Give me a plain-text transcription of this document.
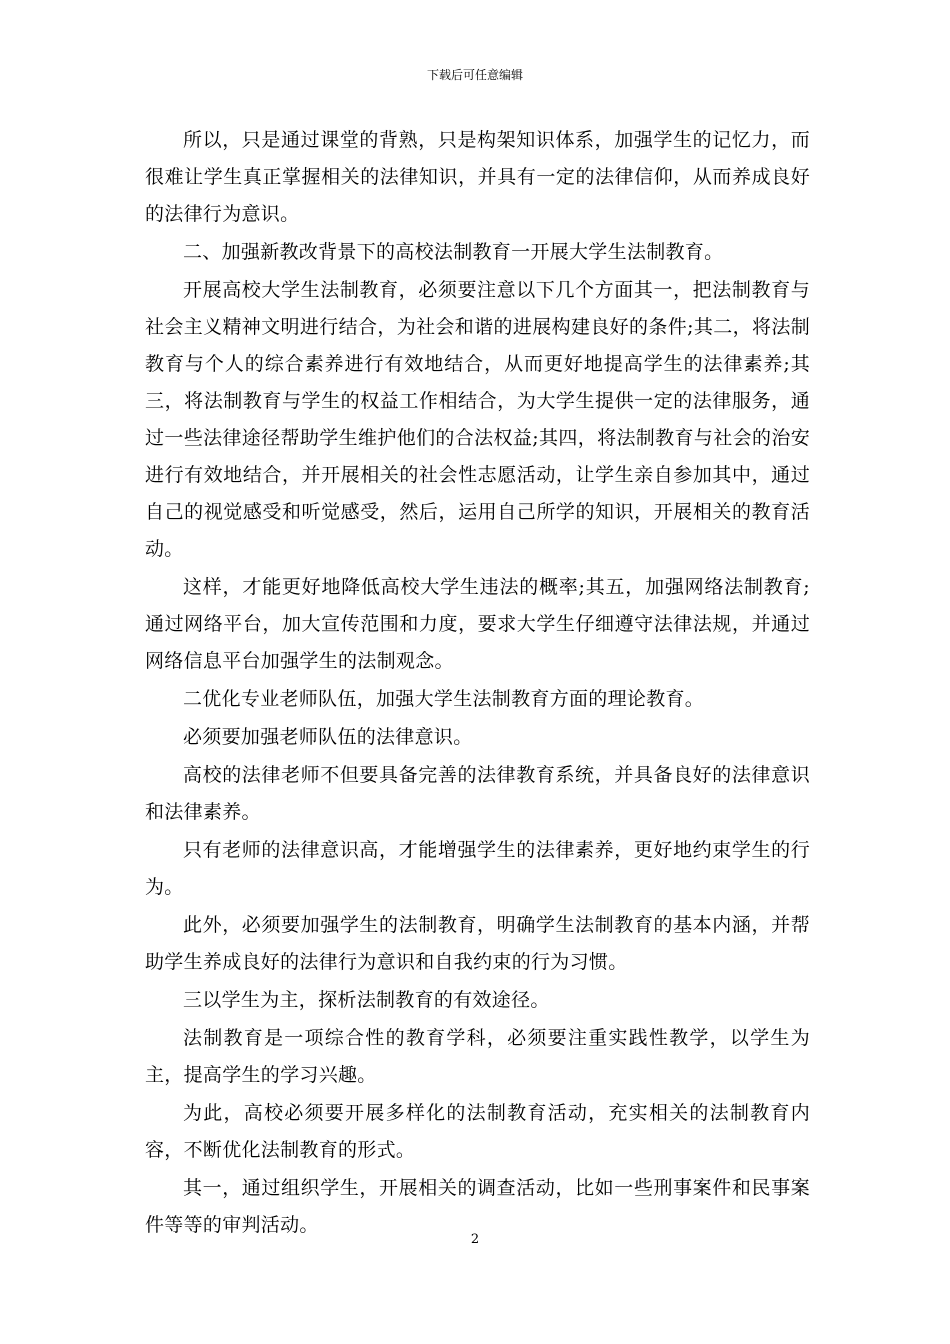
下载后可任意编辑

所以，只是通过课堂的背熟，只是构架知识体系，加强学生的记忆力，而很难让学生真正掌握相关的法律知识，并具有一定的法律信仰，从而养成良好的法律行为意识。

二、加强新教改背景下的高校法制教育一开展大学生法制教育。

开展高校大学生法制教育，必须要注意以下几个方面其一，把法制教育与社会主义精神文明进行结合，为社会和谐的进展构建良好的条件;其二，将法制教育与个人的综合素养进行有效地结合，从而更好地提高学生的法律素养;其三，将法制教育与学生的权益工作相结合，为大学生提供一定的法律服务，通过一些法律途径帮助学生维护他们的合法权益;其四，将法制教育与社会的治安进行有效地结合，并开展相关的社会性志愿活动，让学生亲自参加其中，通过自己的视觉感受和听觉感受，然后，运用自己所学的知识，开展相关的教育活动。

这样，才能更好地降低高校大学生违法的概率;其五，加强网络法制教育;通过网络平台，加大宣传范围和力度，要求大学生仔细遵守法律法规，并通过网络信息平台加强学生的法制观念。

二优化专业老师队伍，加强大学生法制教育方面的理论教育。

必须要加强老师队伍的法律意识。

高校的法律老师不但要具备完善的法律教育系统，并具备良好的法律意识和法律素养。

只有老师的法律意识高，才能增强学生的法律素养，更好地约束学生的行为。

此外，必须要加强学生的法制教育，明确学生法制教育的基本内涵，并帮助学生养成良好的法律行为意识和自我约束的行为习惯。

三以学生为主，探析法制教育的有效途径。

法制教育是一项综合性的教育学科，必须要注重实践性教学，以学生为主，提高学生的学习兴趣。

为此，高校必须要开展多样化的法制教育活动，充实相关的法制教育内容，不断优化法制教育的形式。

其一，通过组织学生，开展相关的调查活动，比如一些刑事案件和民事案件等等的审判活动。

2
